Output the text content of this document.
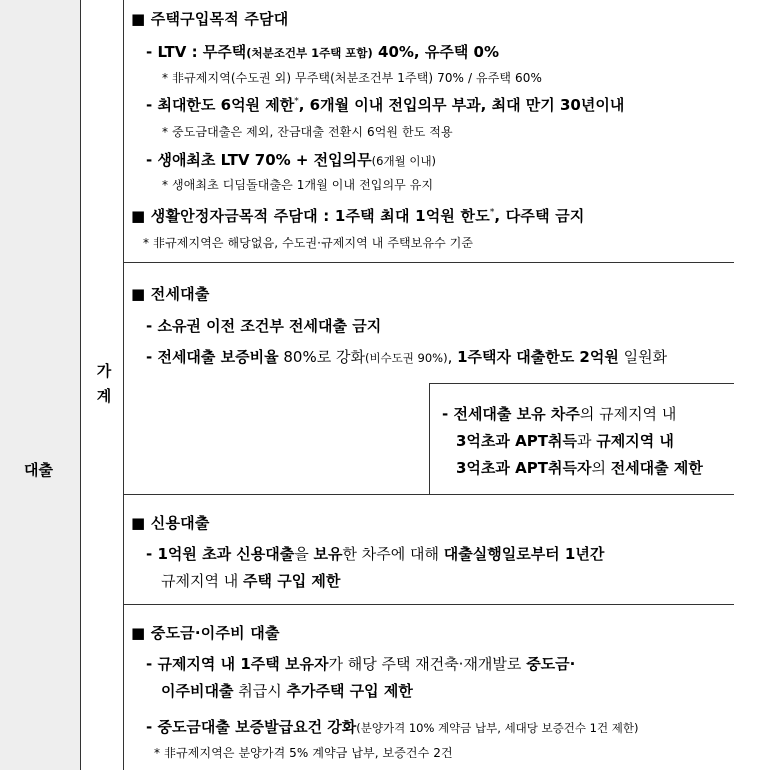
대출
가
계
■ 주택구입목적 주담대
- LTV : 무주택(처분조건부 1주택 포함) 40%, 유주택 0%
* 非규제지역(수도권 외) 무주택(처분조건부 1주택) 70% / 유주택 60%
- 최대한도 6억원 제한*, 6개월 이내 전입의무 부과, 최대 만기 30년이내
* 중도금대출은 제외, 잔금대출 전환시 6억원 한도 적용
- 생애최초 LTV 70% + 전입의무(6개월 이내)
* 생애최초 디딤돌대출은 1개월 이내 전입의무 유지
■ 생활안정자금목적 주담대 : 1주택 최대 1억원 한도*, 다주택 금지
* 非규제지역은 해당없음, 수도권·규제지역 내 주택보유수 기준
■ 전세대출
- 소유권 이전 조건부 전세대출 금지
- 전세대출 보증비율 80%로 강화(비수도권 90%), 1주택자 대출한도 2억원 일원화
- 전세대출 보유 차주의 규제지역 내
3억초과 APT취득과 규제지역 내
3억초과 APT취득자의 전세대출 제한
■ 신용대출
- 1억원 초과 신용대출을 보유한 차주에 대해 대출실행일로부터 1년간
규제지역 내 주택 구입 제한
■ 중도금·이주비 대출
- 규제지역 내 1주택 보유자가 해당 주택 재건축·재개발로 중도금·
이주비대출 취급시 추가주택 구입 제한
- 중도금대출 보증발급요건 강화(분양가격 10% 계약금 납부, 세대당 보증건수 1건 제한)
* 非규제지역은 분양가격 5% 계약금 납부, 보증건수 2건
